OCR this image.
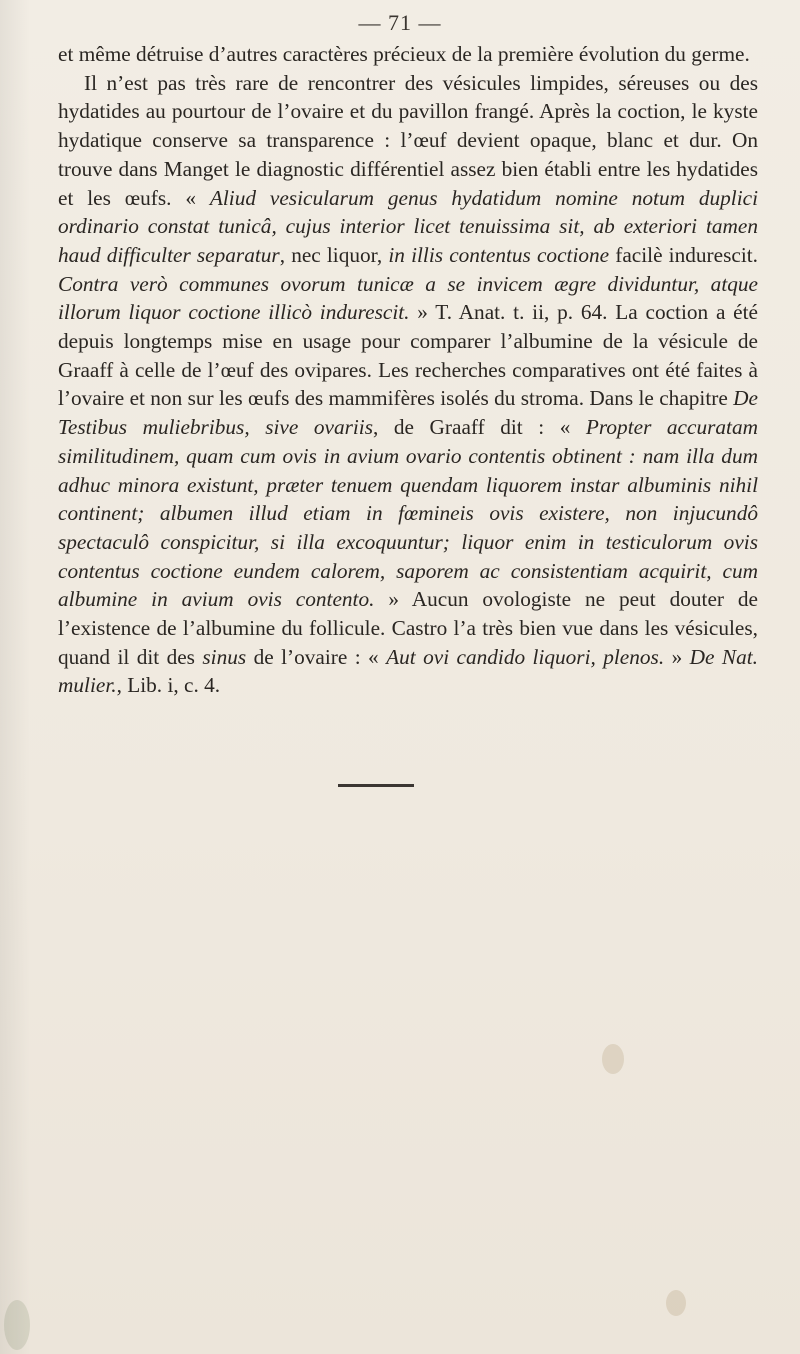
— 71 —

et même détruise d’autres caractères précieux de la première évolution du germe.

Il n’est pas très rare de rencontrer des vésicules limpides, séreuses ou des hydatides au pourtour de l’ovaire et du pavillon frangé. Après la coction, le kyste hydatique conserve sa transparence : l’œuf devient opaque, blanc et dur. On trouve dans Manget le diagnostic différentiel assez bien établi entre les hydatides et les œufs. « Aliud vesicularum genus hydatidum nomine notum duplici ordinario constat tunicâ, cujus interior licet tenuissima sit, ab exteriori tamen haud difficulter separatur, nec liquor, in illis contentus coctione facilè indurescit. Contra verò communes ovorum tunicæ a se invicem ægre dividuntur, atque illorum liquor coctione illicò indurescit. » T. Anat. t. ii, p. 64. La coction a été depuis longtemps mise en usage pour comparer l’albumine de la vésicule de Graaff à celle de l’œuf des ovipares. Les recherches comparatives ont été faites à l’ovaire et non sur les œufs des mammifères isolés du stroma. Dans le chapitre De Testibus muliebribus, sive ovariis, de Graaff dit : « Propter accuratam similitudinem, quam cum ovis in avium ovario contentis obtinent : nam illa dum adhuc minora existunt, præter tenuem quendam liquorem instar albuminis nihil continent; albumen illud etiam in fœmineis ovis existere, non injucundô spectaculô conspicitur, si illa excoquuntur; liquor enim in testiculorum ovis contentus coctione eundem calorem, saporem ac consistentiam acquirit, cum albumine in avium ovis contento. » Aucun ovologiste ne peut douter de l’existence de l’albumine du follicule. Castro l’a très bien vue dans les vésicules, quand il dit des sinus de l’ovaire : « Aut ovi candido liquori, plenos. » De Nat. mulier., Lib. i, c. 4.
